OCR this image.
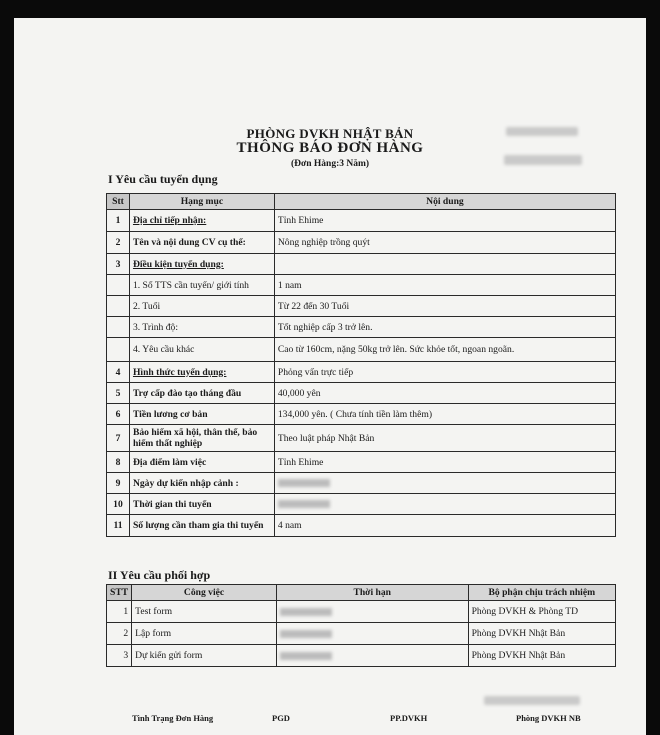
PHÒNG DVKH NHẬT BẢN
THÔNG BÁO ĐƠN HÀNG
(Đơn Hàng:3 Năm)
I Yêu cầu tuyển dụng
Stt	Hạng mục	Nội dung
1	Địa chỉ tiếp nhận:	Tỉnh Ehime
2	Tên và nội dung CV cụ thể:	Nông nghiệp trồng quýt
3	Điều kiện tuyển dụng:	
	1. Số TTS cần tuyển/ giới tính	1 nam
	2. Tuổi	Từ 22 đến 30 Tuổi
	3. Trình độ:	Tốt nghiệp cấp 3 trở lên.
	4. Yêu cầu khác	Cao từ 160cm, nặng 50kg trở lên. Sức khỏe tốt, ngoan ngoãn.
4	Hình thức tuyển dụng:	Phỏng vấn trực tiếp
5	Trợ cấp đào tạo tháng đầu	40,000 yên
6	Tiền lương cơ bản	134,000 yên. ( Chưa tính tiền làm thêm)
7	Bảo hiểm xã hội, thân thể, bảo hiểm thất nghiệp	Theo luật pháp Nhật Bản
8	Địa điểm làm việc	Tỉnh Ehime
9	Ngày dự kiến nhập cảnh :	
10	Thời gian thi tuyển	
11	Số lượng cần tham gia thi tuyển	4 nam
II Yêu cầu phối hợp
STT	Công việc	Thời hạn	Bộ phận chịu trách nhiệm
1	Test form		Phòng DVKH & Phòng TD
2	Lập form		Phòng DVKH Nhật Bản
3	Dự kiến gửi form		Phòng DVKH Nhật Bản
Tình Trạng Đơn Hàng	PGD	PP.DVKH	Phòng DVKH NB
